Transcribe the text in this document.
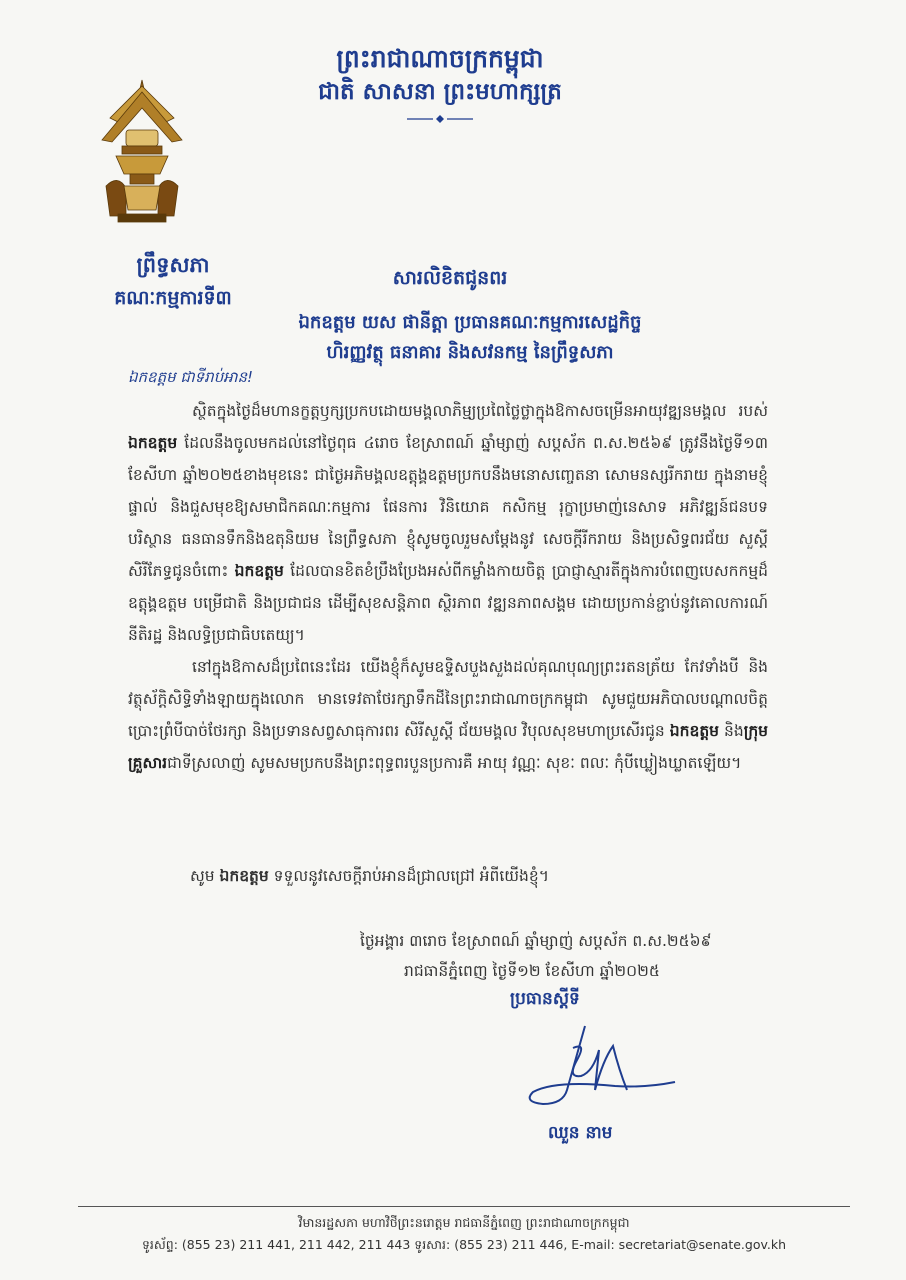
ព្រះរាជាណាចក្រកម្ពុជា
ជាតិ សាសនា ព្រះមហាក្សត្រ
ព្រឹទ្ធសភា
គណៈកម្មការទី៣
សារលិខិតជូនពរ
ឯកឧត្តម យស ផានីត្តា ប្រធានគណៈកម្មការសេដ្ឋកិច្ច
ហិរញ្ញវត្ថុ ធនាគារ និងសវនកម្ម នៃព្រឹទ្ធសភា
ឯកឧត្តម ជាទីរាប់អាន!

ស្ថិតក្នុងថ្ងៃដ៏មហានក្ខត្តឫក្សប្រកបដោយមង្គលាភិម្ម្យប្រពៃថ្លៃថ្លាក្នុងឱកាសចម្រើនអាយុវឌ្ឍនមង្គល របស់ ឯកឧត្តម ដែលនឹងចូលមកដល់នៅថ្ងៃពុធ ៤រោច ខែស្រាពណ៍ ឆ្នាំម្សាញ់ សប្តស័ក ព.ស.២៥៦៩ ត្រូវនឹងថ្ងៃទី១៣ ខែសីហា ឆ្នាំ២០២៥ខាងមុខនេះ ជាថ្ងៃអភិមង្គលឧត្តុង្គឧត្តមប្រកបនឹងមនោសញ្ចេតនា សោមនស្សរីករាយ ក្នុងនាមខ្ញុំផ្ទាល់ និងជួសមុខឱ្យសមាជិកគណៈកម្មការ ផែនការ វិនិយោគ កសិកម្ម រុក្ខាប្រមាញ់នេសាទ អភិវឌ្ឍន៍ជនបទ បរិស្ថាន ធនធានទឹកនិងឧតុនិយម នៃព្រឹទ្ធសភា ខ្ញុំសូមចូលរួមសម្តែងនូវ សេចក្តីរីករាយ និងប្រសិទ្ធពរជ័យ សួស្តីសិរីភែទ្ធជូនចំពោះ ឯកឧត្តម ដែលបានខិតខំប្រឹងប្រែងអស់ពីកម្លាំងកាយចិត្ត ប្រាជ្ញាស្មារតីក្នុងការបំពេញបេសកកម្មដ៏ឧត្តុង្គឧត្តម បម្រើជាតិ និងប្រជាជន ដើម្បីសុខសន្តិភាព ស្ថិរភាព វឌ្ឍនភាពសង្គម ដោយប្រកាន់ខ្ជាប់នូវគោលការណ៍នីតិរដ្ឋ និងលទ្ធិប្រជាធិបតេយ្យ។

នៅក្នុងឱកាសដ៏ប្រពៃនេះដែរ យើងខ្ញុំក៏សូមឧទ្ទិសបួងសួងដល់គុណបុណ្យព្រះរតនត្រ័យ កែវទាំងបី និងវត្ថុស័ក្តិសិទ្ធិទាំងឡាយក្នុងលោក មានទេវតាថែរក្សាទឹកដីនៃព្រះរាជាណាចក្រកម្ពុជា សូមជួយអភិបាលបណ្តាលចិត្តប្រោះព្រំបីបាច់ថែរក្សា និងប្រទានសព្វសាធុការពរ សិរីសួស្តី ជ័យមង្គល វិបុលសុខមហាប្រសើរជូន ឯកឧត្តម និងក្រុមគ្រួសារជាទីស្រលាញ់ សូមសមប្រកបនឹងព្រះពុទ្ធពរបួនប្រការគឺ អាយុ វណ្ណៈ សុខៈ ពលៈ កុំបីឃ្លៀងឃ្លាតឡើយ។

សូម ឯកឧត្តម ទទួលនូវសេចក្តីរាប់អានដ៏ជ្រាលជ្រៅ អំពីយើងខ្ញុំ។
ថ្ងៃអង្គារ ៣រោច ខែស្រាពណ៍ ឆ្នាំម្សាញ់ សប្តស័ក ព.ស.២៥៦៩
រាជធានីភ្នំពេញ ថ្ងៃទី១២ ខែសីហា ឆ្នាំ២០២៥
ប្រធានស្តីទី
ឈួន នាម
វិមានរដ្ឋសភា មហាវិថីព្រះនរោត្តម រាជធានីភ្នំពេញ ព្រះរាជាណាចក្រកម្ពុជា
ទូរស័ព្ទ: (855 23) 211 441, 211 442, 211 443 ទូរសារ: (855 23) 211 446, E-mail: secretariat@senate.gov.kh
